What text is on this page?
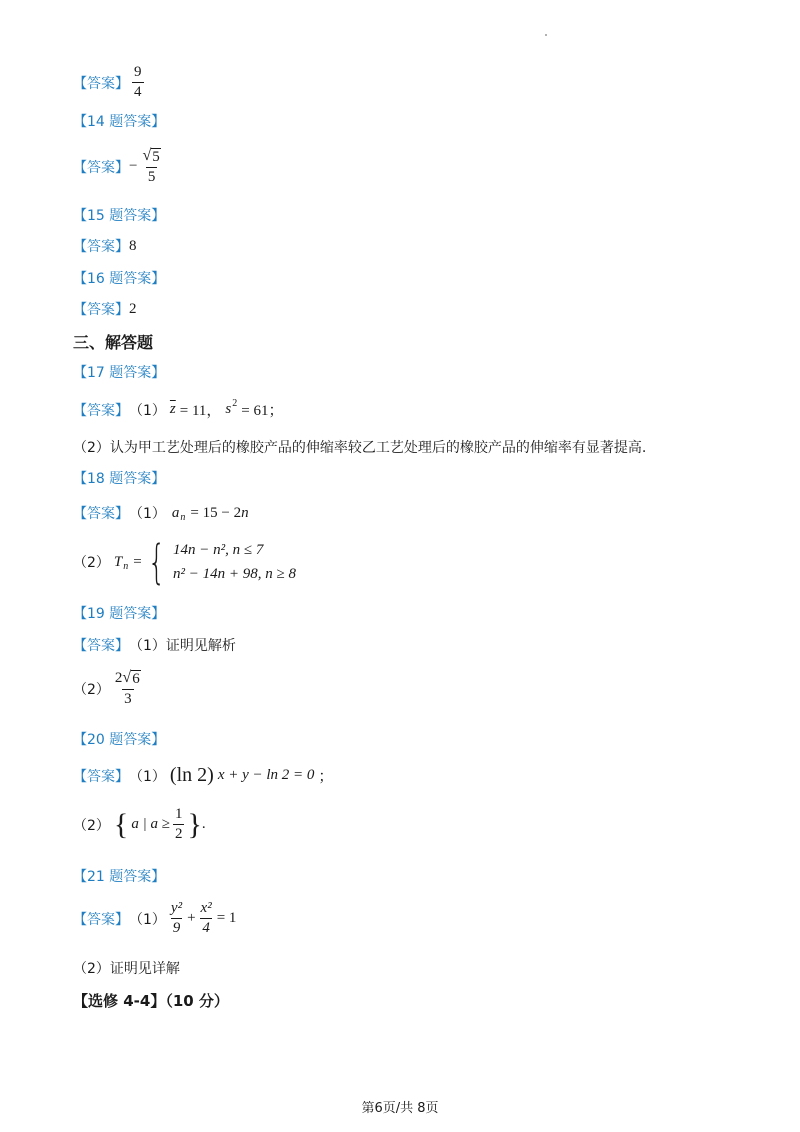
【答案】 $\frac{9}{4}$
【14 题答案】
【答案】 − $\frac{√ 5}{5}$
【15 题答案】
【答案】 8
【16 题答案】
【答案】 2
三、解答题
【17 题答案】
【答案】 （1） $\overline{z} = 11$， s 2 = 61；
（2）认为甲工艺处理后的橡胶产品的伸缩率较乙工艺处理后的橡胶产品的伸缩率有显著提高.
【18 题答案】
【答案】 （1） a n = 15 − 2 n
（2） T n = { 14n − n², n ≤ 7
n² − 14n + 98, n ≥ 8
【19 题答案】
【答案】 （1）证明见解析
$(2) \frac{2 √ 6}{3}$
【20 题答案】
【答案】 （1） (ln 2) x + y − ln 2 = 0 ；
（2） { a | $a \ge \frac{1}{2}$ } .
【21 题答案】
【答案】 $(1) \frac{\text{y²}}{9} + \frac{\text{x²}}{4} = 1$
（2）证明见详解
【选修 4-4】（10 分）
第6页/共 8页
